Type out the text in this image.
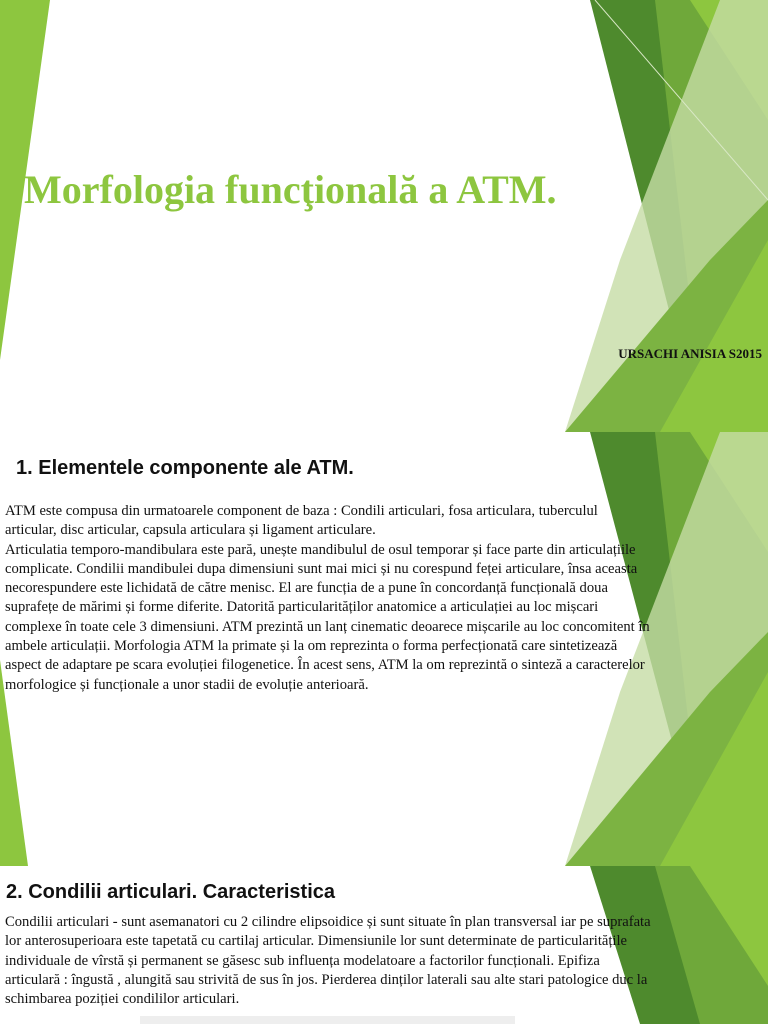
Morfologia funcţională a ATM.
URSACHI ANISIA S2015
1. Elementele componente ale ATM.

ATM este compusa din urmatoarele component de baza : Condili articulari, fosa articulara, tuberculul articular, disc articular, capsula articulara și ligament articulare.

Articulatia temporo-mandibulara este pară, unește mandibulul de osul temporar și face parte din articulațiile complicate. Condilii mandibulei dupa dimensiuni sunt mai mici și nu corespund feței articulare, însa aceasta necorespundere este lichidată de către menisc. El are funcția de a pune în concordanță funcțională doua suprafețe de mărimi și forme diferite. Datorită particularităților anatomice a articulației au loc mișcari complexe în toate cele 3 dimensiuni. ATM prezintă un lanț cinematic deoarece mișcarile au loc concomitent în ambele articulații. Morfologia ATM la primate și la om reprezinta o forma perfecționată care sintetizează aspect de adaptare pe scara evoluției filogenetice. În acest sens, ATM la om reprezintă o sinteză a caracterelor morfologice și funcționale a unor stadii de evoluție anterioară.

2. Condilii articulari. Caracteristica

Condilii articulari - sunt asemanatori cu 2 cilindre elipsoidice și sunt situate în plan transversal iar pe suprafata lor anterosuperioara este tapetată cu cartilaj articular. Dimensiunile lor sunt determinate de particularitățile individuale de vîrstă și permanent se găsesc sub influența modelatoare a factorilor funcționali. Epifiza articulară : îngustă , alungită sau strivită de sus în jos. Pierderea dinților laterali sau alte stari patologice duc la schimbarea poziției condililor articulari.
